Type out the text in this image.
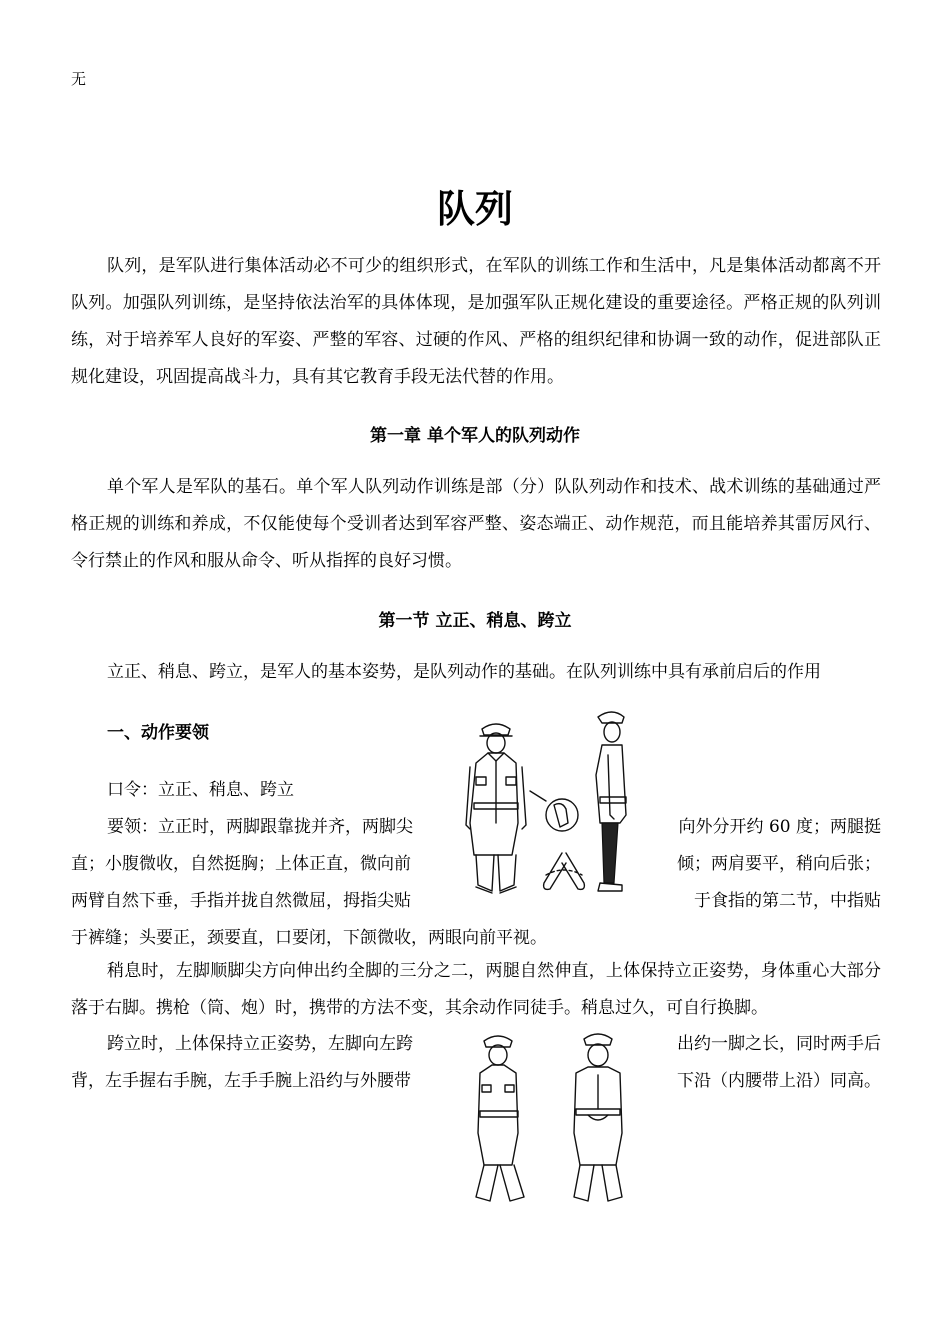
无
队列
队列，是军队进行集体活动必不可少的组织形式，在军队的训练工作和生活中，凡是集体活动都离不开队列。加强队列训练，是坚持依法治军的具体体现，是加强军队正规化建设的重要途径。严格正规的队列训练，对于培养军人良好的军姿、严整的军容、过硬的作风、严格的组织纪律和协调一致的动作，促进部队正规化建设，巩固提高战斗力，具有其它教育手段无法代替的作用。
第一章 单个军人的队列动作
单个军人是军队的基石。单个军人队列动作训练是部（分）队队列动作和技术、战术训练的基础通过严格正规的训练和养成，不仅能使每个受训者达到军容严整、姿态端正、动作规范，而且能培养其雷厉风行、令行禁止的作风和服从命令、听从指挥的良好习惯。
第一节 立正、稍息、跨立
立正、稍息、跨立，是军人的基本姿势，是队列动作的基础。在队列训练中具有承前启后的作用
一、动作要领
口令：立正、稍息、跨立
要领：立正时，两脚跟靠拢并齐，两脚尖	向外分开约 60 度；两腿挺
直；小腹微收，自然挺胸；上体正直，微向前	倾；两肩要平，稍向后张；
两臂自然下垂，手指并拢自然微屈，拇指尖贴	于食指的第二节，中指贴
于裤缝；头要正，颈要直，口要闭，下颌微收，两眼向前平视。
稍息时，左脚顺脚尖方向伸出约全脚的三分之二，两腿自然伸直，上体保持立正姿势，身体重心大部分落于右脚。携枪（筒、炮）时，携带的方法不变，其余动作同徒手。稍息过久，可自行换脚。
跨立时，上体保持立正姿势，左脚向左跨	出约一脚之长，同时两手后
背，左手握右手腕，左手手腕上沿约与外腰带	下沿（内腰带上沿）同高。
